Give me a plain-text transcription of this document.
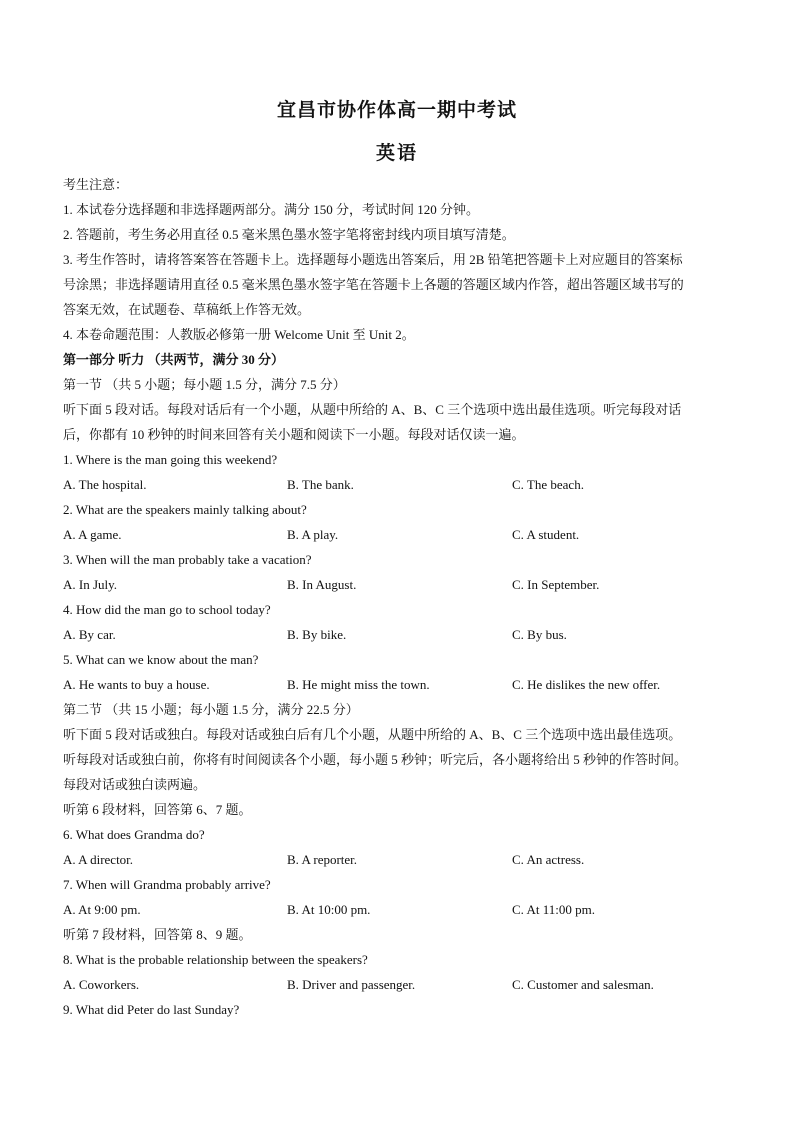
宜昌市协作体高一期中考试
英语
考生注意：
1. 本试卷分选择题和非选择题两部分。满分 150 分，考试时间 120 分钟。
2. 答题前，考生务必用直径 0.5 毫米黑色墨水签字笔将密封线内项目填写清楚。
3. 考生作答时，请将答案答在答题卡上。选择题每小题选出答案后，用 2B 铅笔把答题卡上对应题目的答案标
号涂黑；非选择题请用直径 0.5 毫米黑色墨水签字笔在答题卡上各题的答题区域内作答，超出答题区域书写的
答案无效，在试题卷、草稿纸上作答无效。
4. 本卷命题范围：人教版必修第一册 Welcome Unit 至 Unit 2。
第一部分 听力 （共两节，满分 30 分）
第一节 （共 5 小题；每小题 1.5 分，满分 7.5 分）
听下面 5 段对话。每段对话后有一个小题，从题中所给的 A、B、C 三个选项中选出最佳选项。听完每段对话
后，你都有 10 秒钟的时间来回答有关小题和阅读下一小题。每段对话仅读一遍。
1. Where is the man going this weekend?
A. The hospital.	B. The bank.	C. The beach.
2. What are the speakers mainly talking about?
A. A game.	B. A play.	C. A student.
3. When will the man probably take a vacation?
A. In July.	B. In August.	C. In September.
4. How did the man go to school today?
A. By car.	B. By bike.	C. By bus.
5. What can we know about the man?
A. He wants to buy a house.	B. He might miss the town.	C. He dislikes the new offer.
第二节 （共 15 小题；每小题 1.5 分，满分 22.5 分）
听下面 5 段对话或独白。每段对话或独白后有几个小题，从题中所给的 A、B、C 三个选项中选出最佳选项。
听每段对话或独白前，你将有时间阅读各个小题，每小题 5 秒钟；听完后，各小题将给出 5 秒钟的作答时间。
每段对话或独白读两遍。
听第 6 段材料，回答第 6、7 题。
6. What does Grandma do?
A. A director.	B. A reporter.	C. An actress.
7. When will Grandma probably arrive?
A. At 9:00 pm.	B. At 10:00 pm.	C. At 11:00 pm.
听第 7 段材料，回答第 8、9 题。
8. What is the probable relationship between the speakers?
A. Coworkers.	B. Driver and passenger.	C. Customer and salesman.
9. What did Peter do last Sunday?
